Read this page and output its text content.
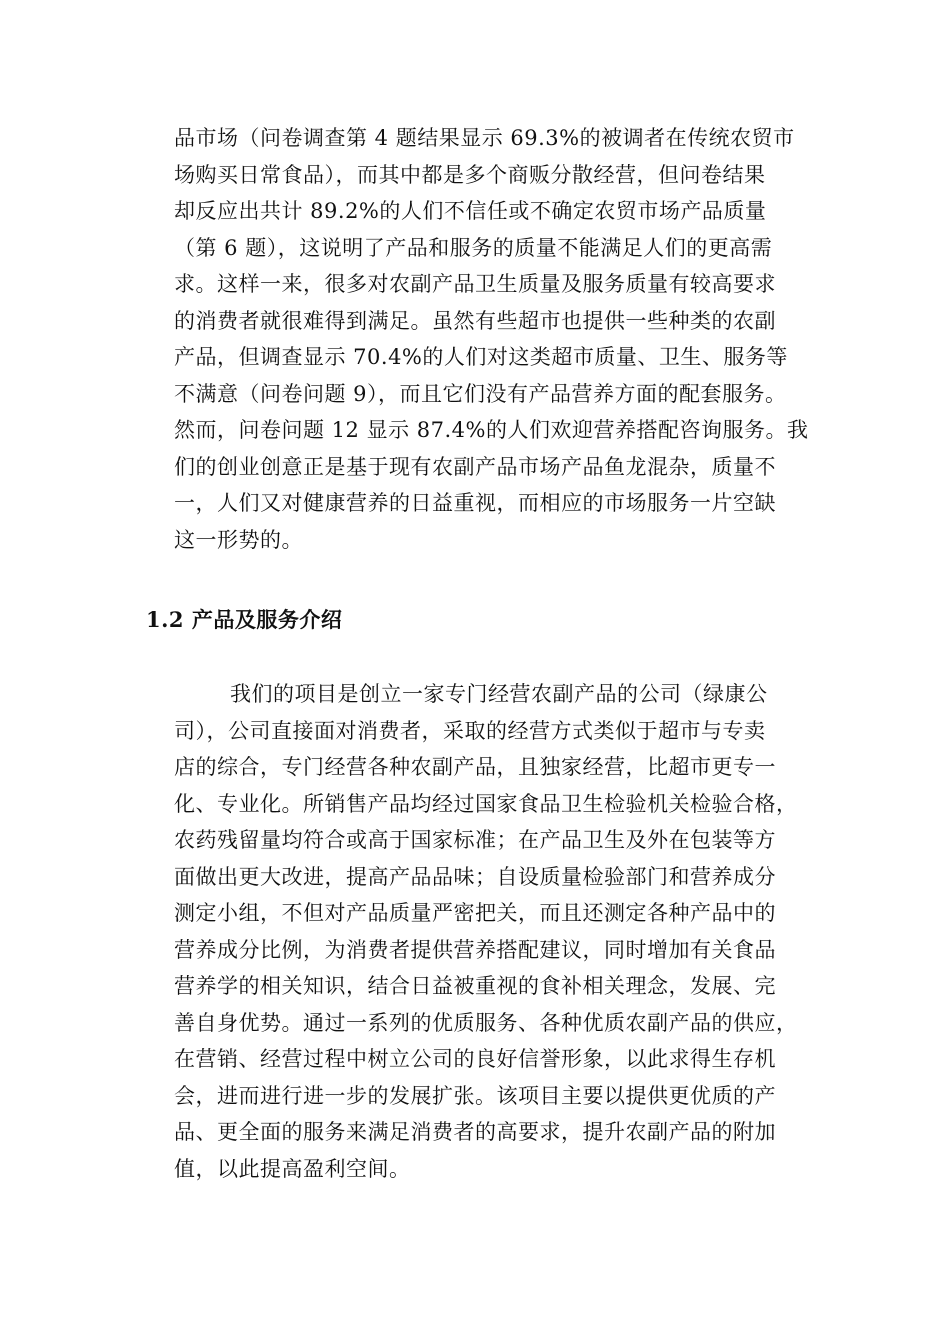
品市场（问卷调查第 4 题结果显示 69.3%的被调者在传统农贸市
场购买日常食品），而其中都是多个商贩分散经营，但问卷结果
却反应出共计 89.2%的人们不信任或不确定农贸市场产品质量
（第 6 题），这说明了产品和服务的质量不能满足人们的更高需
求。这样一来，很多对农副产品卫生质量及服务质量有较高要求
的消费者就很难得到满足。虽然有些超市也提供一些种类的农副
产品，但调查显示 70.4%的人们对这类超市质量、卫生、服务等
不满意（问卷问题 9），而且它们没有产品营养方面的配套服务。
然而，问卷问题 12 显示 87.4%的人们欢迎营养搭配咨询服务。我
们的创业创意正是基于现有农副产品市场产品鱼龙混杂，质量不
一，人们又对健康营养的日益重视，而相应的市场服务一片空缺
这一形势的。
1.2 产品及服务介绍
我们的项目是创立一家专门经营农副产品的公司（绿康公
司），公司直接面对消费者，采取的经营方式类似于超市与专卖
店的综合，专门经营各种农副产品，且独家经营，比超市更专一
化、专业化。所销售产品均经过国家食品卫生检验机关检验合格，
农药残留量均符合或高于国家标准；在产品卫生及外在包装等方
面做出更大改进，提高产品品味；自设质量检验部门和营养成分
测定小组，不但对产品质量严密把关，而且还测定各种产品中的
营养成分比例，为消费者提供营养搭配建议，同时增加有关食品
营养学的相关知识，结合日益被重视的食补相关理念，发展、完
善自身优势。通过一系列的优质服务、各种优质农副产品的供应，
在营销、经营过程中树立公司的良好信誉形象，以此求得生存机
会，进而进行进一步的发展扩张。该项目主要以提供更优质的产
品、更全面的服务来满足消费者的高要求，提升农副产品的附加
值，以此提高盈利空间。
